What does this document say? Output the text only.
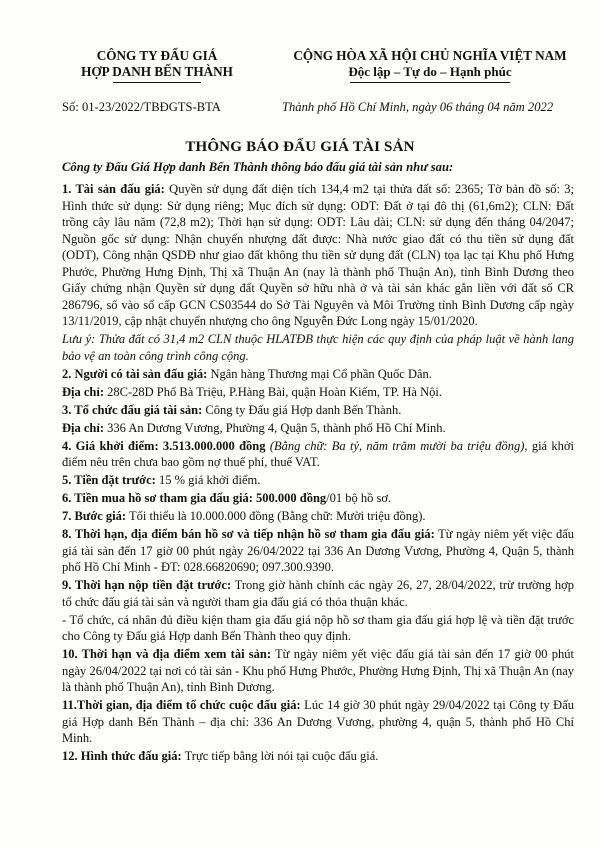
CÔNG TY ĐẤU GIÁ
HỢP DANH BẾN THÀNH
CỘNG HÒA XÃ HỘI CHỦ NGHĨA VIỆT NAM
Độc lập – Tự do – Hạnh phúc
Số: 01-23/2022/TBĐGTS-BTA	Thành phố Hồ Chí Minh, ngày 06 tháng 04 năm 2022
THÔNG BÁO ĐẤU GIÁ TÀI SẢN
Công ty Đấu Giá Hợp danh Bến Thành thông báo đấu giá tài sản như sau:

1. Tài sản đấu giá: Quyền sử dụng đất diện tích 134,4 m2 tại thửa đất số: 2365; Tờ bản đồ số: 3; Hình thức sử dụng: Sử dụng riêng; Mục đích sử dụng: ODT: Đất ở tại đô thị (61,6m2); CLN: Đất trồng cây lâu năm (72,8 m2); Thời hạn sử dụng: ODT: Lâu dài; CLN: sử dụng đến tháng 04/2047; Nguồn gốc sử dụng: Nhận chuyển nhượng đất được: Nhà nước giao đất có thu tiền sử dụng đất (ODT), Công nhận QSDĐ như giao đất không thu tiền sử dụng đất (CLN) tọa lạc tại Khu phố Hưng Phước, Phường Hưng Định, Thị xã Thuận An (nay là thành phố Thuận An), tỉnh Bình Dương theo Giấy chứng nhận Quyền sử dụng đất Quyền sở hữu nhà ở và tài sản khác gắn liền với đất số CR 286796, số vào sổ cấp GCN CS03544 do Sở Tài Nguyên và Môi Trường tỉnh Bình Dương cấp ngày 13/11/2019, cập nhật chuyển nhượng cho ông Nguyễn Đức Long ngày 15/01/2020.

Lưu ý: Thửa đất có 31,4 m2 CLN thuộc HLATĐB thực hiện các quy định của pháp luật về hành lang bảo vệ an toàn công trình công cộng.

2. Người có tài sản đấu giá: Ngân hàng Thương mại Cổ phần Quốc Dân.

Địa chỉ: 28C-28D Phố Bà Triệu, P.Hàng Bài, quận Hoàn Kiếm, TP. Hà Nội.

3. Tổ chức đấu giá tài sản: Công ty Đấu giá Hợp danh Bến Thành.

Địa chỉ: 336 An Dương Vương, Phường 4, Quận 5, thành phố Hồ Chí Minh.

4. Giá khởi điểm: 3.513.000.000 đồng (Bằng chữ: Ba tỷ, năm trăm mười ba triệu đồng), giá khởi điểm nêu trên chưa bao gồm nợ thuế phí, thuế VAT.

5. Tiền đặt trước: 15 % giá khởi điểm.

6. Tiền mua hồ sơ tham gia đấu giá: 500.000 đồng/01 bộ hồ sơ.

7. Bước giá: Tối thiểu là 10.000.000 đồng (Bằng chữ: Mười triệu đồng).

8. Thời hạn, địa điểm bán hồ sơ và tiếp nhận hồ sơ tham gia đấu giá: Từ ngày niêm yết việc đấu giá tài sản đến 17 giờ 00 phút ngày 26/04/2022 tại 336 An Dương Vương, Phường 4, Quận 5, thành phố Hồ Chí Minh - ĐT: 028.66820690; 097.300.9390.

9. Thời hạn nộp tiền đặt trước: Trong giờ hành chính các ngày 26, 27, 28/04/2022, trừ trường hợp tổ chức đấu giá tài sản và người tham gia đấu giá có thỏa thuận khác.

- Tổ chức, cá nhân đủ điều kiện tham gia đấu giá nộp hồ sơ tham gia đấu giá hợp lệ và tiền đặt trước cho Công ty Đấu giá Hợp danh Bến Thành theo quy định.

10. Thời hạn và địa điểm xem tài sản: Từ ngày niêm yết việc đấu giá tài sản đến 17 giờ 00 phút ngày 26/04/2022 tại nơi có tài sản - Khu phố Hưng Phước, Phường Hưng Định, Thị xã Thuận An (nay là thành phố Thuận An), tỉnh Bình Dương.

11.Thời gian, địa điểm tổ chức cuộc đấu giá: Lúc 14 giờ 30 phút ngày 29/04/2022 tại Công ty Đấu giá Hợp danh Bến Thành – địa chỉ: 336 An Dương Vương, phường 4, quận 5, thành phố Hồ Chí Minh.

12. Hình thức đấu giá: Trực tiếp bằng lời nói tại cuộc đấu giá.
